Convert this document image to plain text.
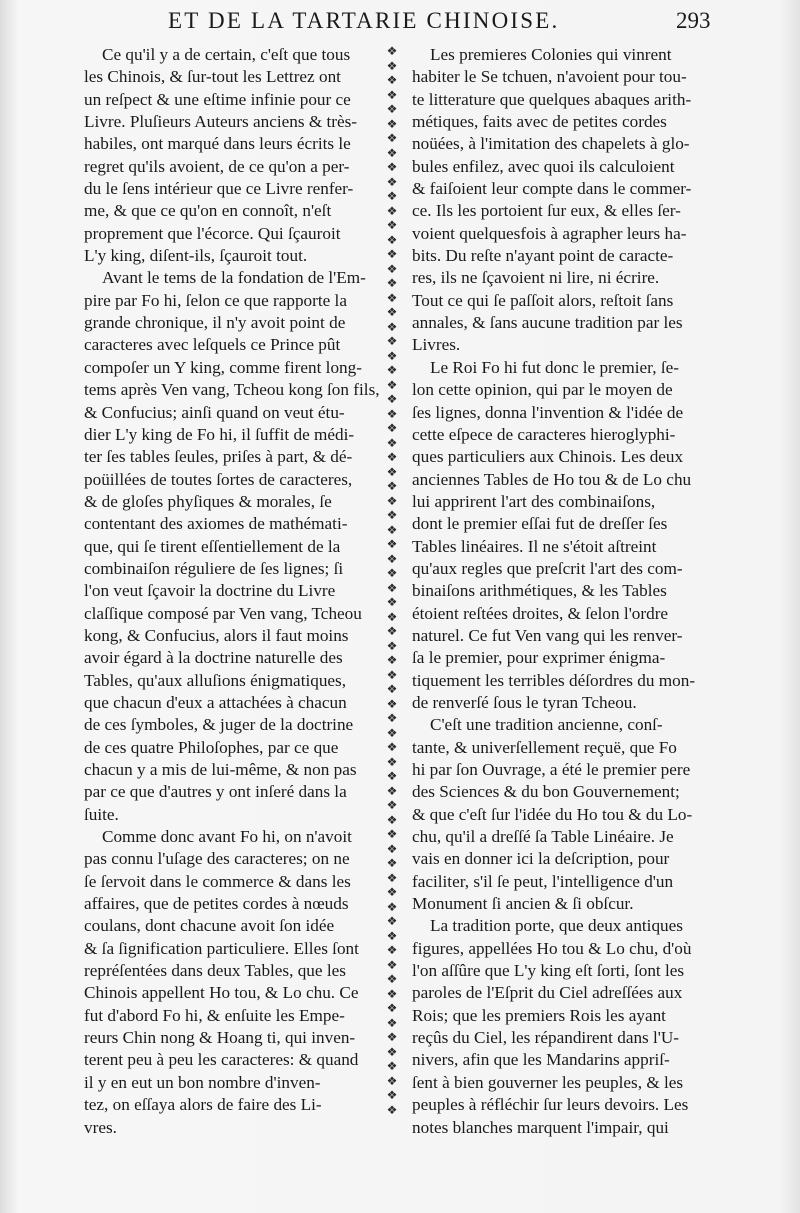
ET DE LA TARTARIE CHINOISE.	293
Ce qu'il y a de certain, c'eſt que tous
les Chinois, & ſur-tout les Lettrez ont
un reſpect & une eſtime infinie pour ce
Livre. Pluſieurs Auteurs anciens & très-
habiles, ont marqué dans leurs écrits le
regret qu'ils avoient, de ce qu'on a per-
du le ſens intérieur que ce Livre renfer-
me, & que ce qu'on en connoît, n'eſt
proprement que l'écorce. Qui ſçauroit
L'y king, diſent-ils, ſçauroit tout.
Avant le tems de la fondation de l'Em-
pire par Fo hi, ſelon ce que rapporte la
grande chronique, il n'y avoit point de
caracteres avec leſquels ce Prince pût
compoſer un Y king, comme firent long-
tems après Ven vang, Tcheou kong ſon fils,
& Confucius; ainſi quand on veut étu-
dier L'y king de Fo hi, il ſuffit de médi-
ter ſes tables ſeules, priſes à part, & dé-
poüillées de toutes ſortes de caracteres,
& de gloſes phyſiques & morales, ſe
contentant des axiomes de mathémati-
que, qui ſe tirent eſſentiellement de la
combinaiſon réguliere de ſes lignes; ſi
l'on veut ſçavoir la doctrine du Livre
claſſique composé par Ven vang, Tcheou
kong, & Confucius, alors il faut moins
avoir égard à la doctrine naturelle des
Tables, qu'aux alluſions énigmatiques,
que chacun d'eux a attachées à chacun
de ces ſymboles, & juger de la doctrine
de ces quatre Philoſophes, par ce que
chacun y a mis de lui-même, & non pas
par ce que d'autres y ont inſeré dans la
ſuite.
Comme donc avant Fo hi, on n'avoit
pas connu l'uſage des caracteres; on ne
ſe ſervoit dans le commerce & dans les
affaires, que de petites cordes à nœuds
coulans, dont chacune avoit ſon idée
& ſa ſignification particuliere. Elles ſont
repréſentées dans deux Tables, que les
Chinois appellent Ho tou, & Lo chu. Ce
fut d'abord Fo hi, & enſuite les Empe-
reurs Chin nong & Hoang ti, qui inven-
terent peu à peu les caracteres: & quand
il y en eut un bon nombre d'inven-
tez, on eſſaya alors de faire des Li-
vres.
❖
❖
❖
❖
❖
❖
❖
❖
❖
❖
❖
❖
❖
❖
❖
❖
❖
❖
❖
❖
❖
❖
❖
❖
❖
❖
❖
❖
❖
❖
❖
❖
❖
❖
❖
❖
❖
❖
❖
❖
❖
❖
❖
❖
❖
❖
❖
❖
❖
❖
❖
❖
❖
❖
❖
❖
❖
❖
❖
❖
❖
❖
❖
❖
❖
❖
❖
❖
❖
❖
❖
❖
❖
❖
Les premieres Colonies qui vinrent
habiter le Se tchuen, n'avoient pour tou-
te litterature que quelques abaques arith-
métiques, faits avec de petites cordes
noüées, à l'imitation des chapelets à glo-
bules enfilez, avec quoi ils calculoient
& faiſoient leur compte dans le commer-
ce. Ils les portoient ſur eux, & elles ſer-
voient quelquesfois à agrapher leurs ha-
bits. Du reſte n'ayant point de caracte-
res, ils ne ſçavoient ni lire, ni écrire.
Tout ce qui ſe paſſoit alors, reſtoit ſans
annales, & ſans aucune tradition par les
Livres.
Le Roi Fo hi fut donc le premier, ſe-
lon cette opinion, qui par le moyen de
ſes lignes, donna l'invention & l'idée de
cette eſpece de caracteres hieroglyphi-
ques particuliers aux Chinois. Les deux
anciennes Tables de Ho tou & de Lo chu
lui apprirent l'art des combinaiſons,
dont le premier eſſai fut de dreſſer ſes
Tables linéaires. Il ne s'étoit aſtreint
qu'aux regles que preſcrit l'art des com-
binaiſons arithmétiques, & les Tables
étoient reſtées droites, & ſelon l'ordre
naturel. Ce fut Ven vang qui les renver-
ſa le premier, pour exprimer énigma-
tiquement les terribles déſordres du mon-
de renverſé ſous le tyran Tcheou.
C'eſt une tradition ancienne, conſ-
tante, & univerſellement reçuë, que Fo
hi par ſon Ouvrage, a été le premier pere
des Sciences & du bon Gouvernement;
& que c'eſt ſur l'idée du Ho tou & du Lo-
chu, qu'il a dreſſé ſa Table Linéaire. Je
vais en donner ici la deſcription, pour
faciliter, s'il ſe peut, l'intelligence d'un
Monument ſi ancien & ſi obſcur.
La tradition porte, que deux antiques
figures, appellées Ho tou & Lo chu, d'où
l'on aſſûre que L'y king eſt ſorti, ſont les
paroles de l'Eſprit du Ciel adreſſées aux
Rois; que les premiers Rois les ayant
reçûs du Ciel, les répandirent dans l'U-
nivers, afin que les Mandarins appriſ-
ſent à bien gouverner les peuples, & les
peuples à réfléchir ſur leurs devoirs. Les
notes blanches marquent l'impair, qui
